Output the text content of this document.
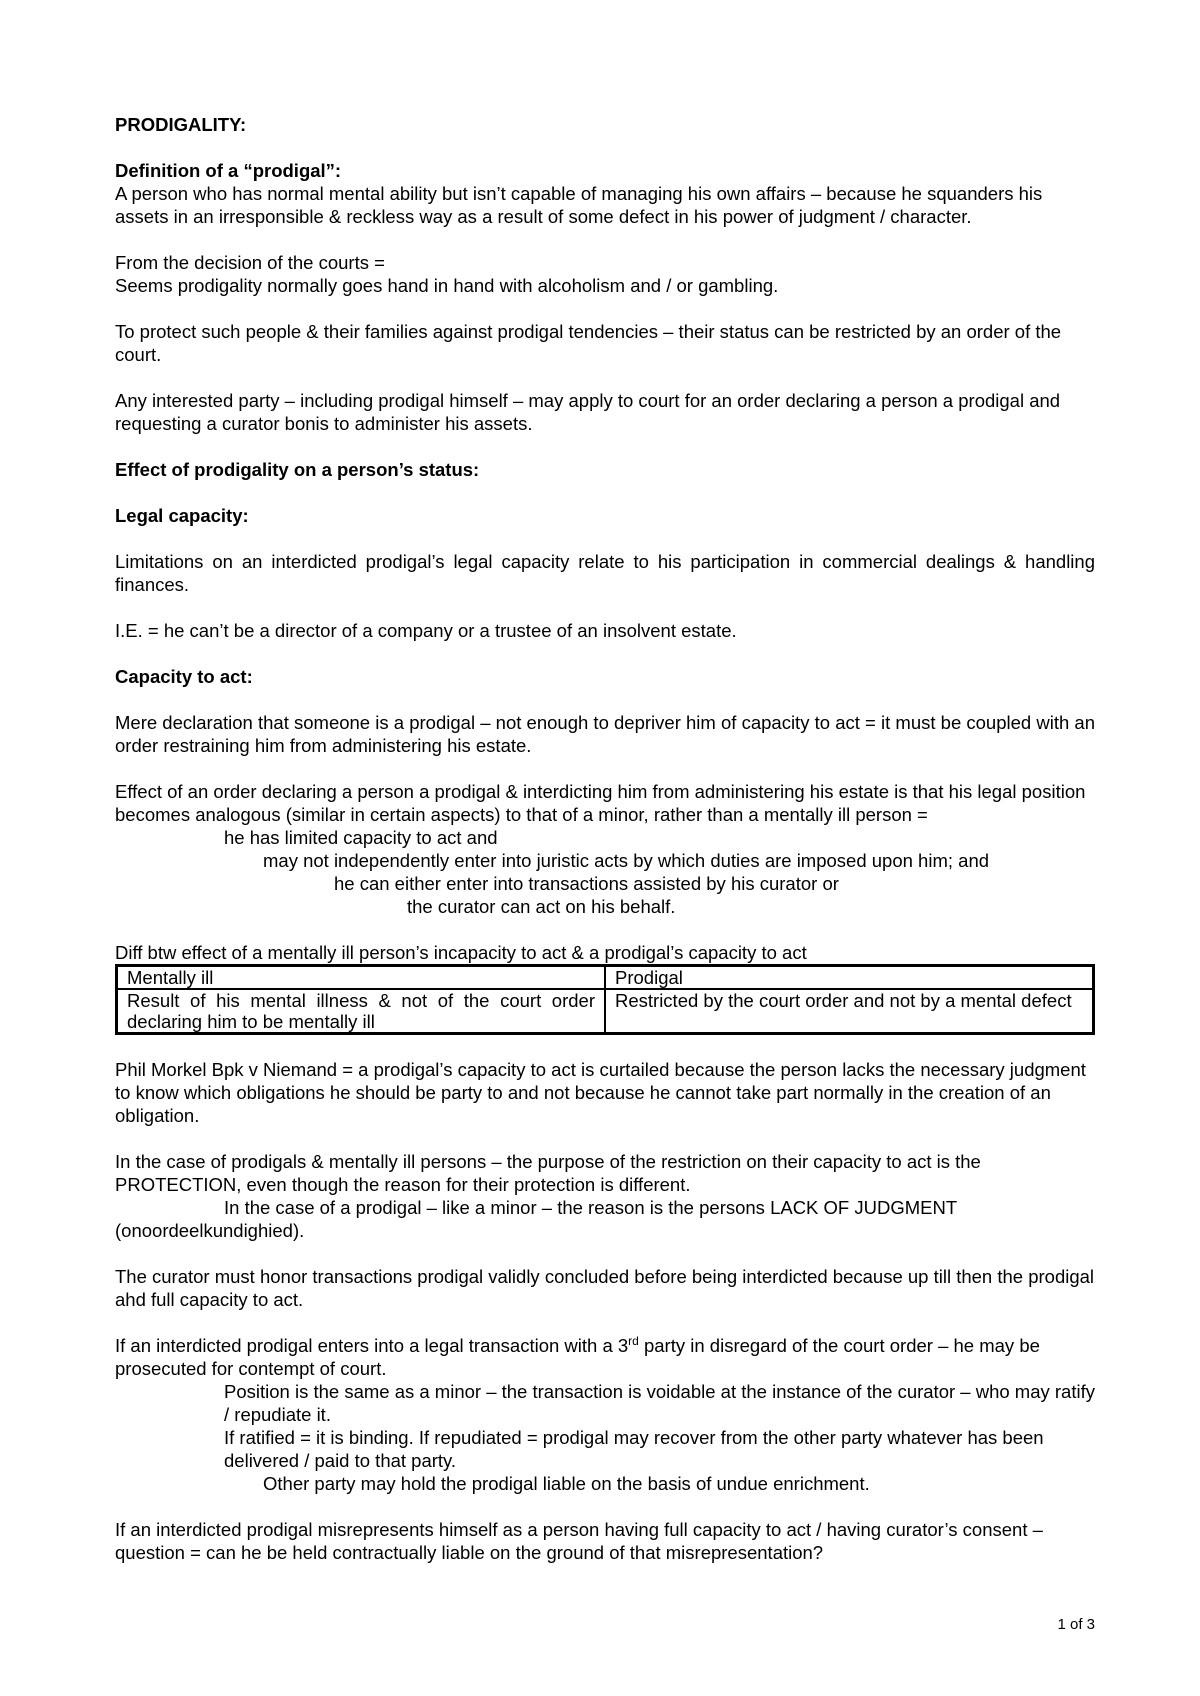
PRODIGALITY:

Definition of a “prodigal”:

A person who has normal mental ability but isn’t capable of managing his own affairs – because he squanders his assets in an irresponsible & reckless way as a result of some defect in his power of judgment / character.

From the decision of the courts =

Seems prodigality normally goes hand in hand with alcoholism and / or gambling.

To protect such people & their families against prodigal tendencies – their status can be restricted by an order of the court.

Any interested party – including prodigal himself – may apply to court for an order declaring a person a prodigal and requesting a curator bonis to administer his assets.

Effect of prodigality on a person’s status:

Legal capacity:

Limitations on an interdicted prodigal’s legal capacity relate to his participation in commercial dealings & handling finances.

I.E. = he can’t be a director of a company or a trustee of an insolvent estate.

Capacity to act:

Mere declaration that someone is a prodigal – not enough to depriver him of capacity to act = it must be coupled with an order restraining him from administering his estate.

Effect of an order declaring a person a prodigal & interdicting him from administering his estate is that his legal position becomes analogous (similar in certain aspects) to that of a minor, rather than a mentally ill person =

he has limited capacity to act and

may not independently enter into juristic acts by which duties are imposed upon him; and

he can either enter into transactions assisted by his curator or

the curator can act on his behalf.

Diff btw effect of a mentally ill person’s incapacity to act & a prodigal’s capacity to act

Mentally ill	Prodigal
Result of his mental illness & not of the court order declaring him to be mentally ill	Restricted by the court order and not by a mental defect

Phil Morkel Bpk v Niemand = a prodigal’s capacity to act is curtailed because the person lacks the necessary judgment to know which obligations he should be party to and not because he cannot take part normally in the creation of an obligation.

In the case of prodigals & mentally ill persons – the purpose of the restriction on their capacity to act is the PROTECTION, even though the reason for their protection is different.

In the case of a prodigal – like a minor – the reason is the persons LACK OF JUDGMENT (onoordeelkundighied).

The curator must honor transactions prodigal validly concluded before being interdicted because up till then the prodigal ahd full capacity to act.

If an interdicted prodigal enters into a legal transaction with a 3rd party in disregard of the court order – he may be prosecuted for contempt of court.

Position is the same as a minor – the transaction is voidable at the instance of the curator – who may ratify / repudiate it.

If ratified = it is binding. If repudiated = prodigal may recover from the other party whatever has been delivered / paid to that party.

Other party may hold the prodigal liable on the basis of undue enrichment.

If an interdicted prodigal misrepresents himself as a person having full capacity to act / having curator’s consent – question = can he be held contractually liable on the ground of that misrepresentation?

1 of 3
